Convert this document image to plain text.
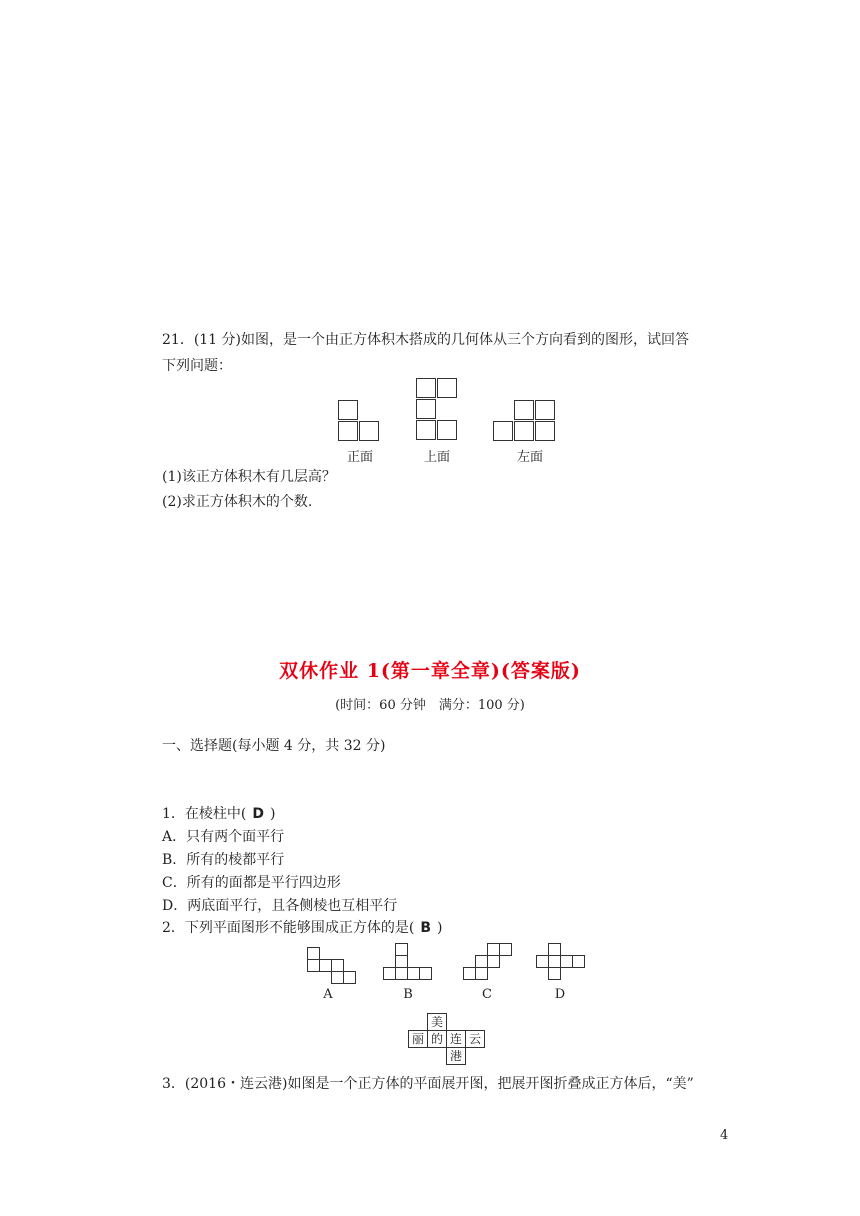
21．(11 分)如图，是一个由正方体积木搭成的几何体从三个方向看到的图形，试回答
下列问题：
正面	上面	左面
(1)该正方体积木有几层高？
(2)求正方体积木的个数.
双休作业 1(第一章全章)(答案版)
(时间：60 分钟　满分：100 分)
一、选择题(每小题 4 分，共 32 分)
1．在棱柱中( D )
A．只有两个面平行
B．所有的棱都平行
C．所有的面都是平行四边形
D．两底面平行，且各侧棱也互相平行
2．下列平面图形不能够围成正方体的是( B )
A	B	C	D
美
丽 的 连 云
港
3．(2016・连云港)如图是一个正方体的平面展开图，把展开图折叠成正方体后，“美”
4
